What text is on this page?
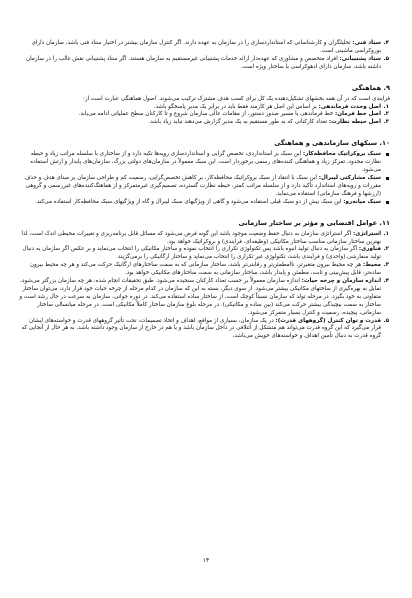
۴.

ستاد فنی: تحلیلگران و کارشناسانی که استانداردسازی را در سازمان به عهده دارند. اگر کنترل سازمان بیشتر در اختیار ستاد فنی باشد، سازمان دارای بوروکراسی ماشینی است.

۵.

ستاد پشتیبانی: افراد متخصص و مشاوری که عهده‌دار ارائه خدمات پشتیبانی غیرمستقیم به سازمان هستند. اگر ستاد پشتیبانی نقش غالب را در سازمان داشته باشد، سازمان دارای ادهوکراسی یا ساختار ویژه است.

۹. هماهنگی

فرایندی است که در آن همه بخشهای تشکیل‌دهنده یک کل برای کسب هدف مشترک ترکیب می‌شوند. اصول هماهنگی عبارت است از:

۱.

اصل وحدت فرماندهی: بر اساس این اصل هر کارمند فقط باید در برابر یک مدیر پاسخگو باشد.

۲.

اصل خط فرمان: خط فرماندهی یا مسیر صدور دستور، از مقامات عالی سازمان شروع و تا کارکنان سطح عملیاتی ادامه می‌یابد.

۳.

اصل حیطه نظارت: تعداد کارکنانی که به طور مستقیم به یک مدیر گزارش می‌دهند نباید زیاد باشد.

۱۰. سبکهای سازماندهی و هماهنگی

سبک بروکراتیک محافظه‌کار: این سبک بر استانداردی، تخصص گرایی و استانداردسازی رویه‌ها تکیه دارد و از ساختاری با سلسله مراتب زیاد و حیطه نظارت محدود، تمرکز زیاد و هماهنگی کننده‌های رسمی برخوردار است. این سبک معمولاً در سازمان‌های دولتی بزرگ، سازمان‌های پایدار و ارتش استفاده می‌شود.

سبک مشارکتی لیبرال: این سبک با انتقاد از سبک بروکراتیک محافظه‌کار، بر کاهش تخصص‌گرایی، رسمیت کم و طراحی سازمان بر مبنای هدف و حذف مقررات و رویه‌های استاندارد تأکید دارد و از سلسله مراتب کمتر، حیطه نظارت گسترده، تصمیم‌گیری غیرمتمرکز و از هماهنگ‌کننده‌های غیررسمی و گروهی (ارزشها و فرهنگ سازمانی) استفاده می‌نماید.

سبک میانه‌رو: این سبک بیش از دو سبک قبلی استفاده می‌شود و گاهی از ویژگیهای سبک لیبرال و گاه از ویژگیهای سبک محافظه‌کار استفاده می‌کند.

۱۱. عوامل اقتضایی و مؤثر بر ساختار سازمانی

۱.

استراتژی: اگر استراتژی سازمان به دنبال حفظ وضعیت موجود باشد این گونه فرض می‌شود که مسائل قابل برنامه‌ریزی و تغییرات محیطی اندک است، لذا بهترین ساختار سازمانی مناسب ساختار مکانیکی (وظیفه‌ای، فرایندی) و بروکراتیک خواهد بود.

۲.

فناوری: اگر سازمان به دنبال تولید انبوه باشد پس تکنولوژی تکراری را انتخاب نموده و ساختار مکانیکی را انتخاب می‌نماید و بر عکس اگر سازمان به دنبال تولید سفارشی (واحدی) و فرایندی باشد، تکنولوژی غیر تکراری را انتخاب می‌نماید و ساختار ارگانیکی را برمی‌گزیند.

۳.

محیط: هر چه محیط بیرون متغیرتر، ناامطمئن‌تر و رقابتی‌تر باشد، ساختار سازمانی که به سمت ساختارهای ارگانیک حرکت می‌کند و هر چه محیط بیرون ساده‌تر، قابل پیش‌بینی و ثابت، مطمئن و پایدار باشد، ساختار سازمانی به سمت ساختارهای مکانیکی خواهد بود.

۴.

اندازه سازمان و چرخه حیات: اندازه سازمان معمولاً بر حسب تعداد کارکنان سنجیده می‌شود. طبق تحقیقات انجام شده، هر چه سازمان بزرگتر می‌شود، تمایل به بهره‌گیری از ساختهای مکانیکی بیشتر می‌شود. از سوی دیگر، بسته به این که سازمان در کدام مرحله از چرخه حیات خود قرار دارد، می‌توان ساختار متفاوتی به خود بگیرد. در مرحله تولد که سازمان نسبتاً کوچک است، از ساختار ساده استفاده می‌کند. در دوره جوانی، سازمان به سرعت در حال رشد است و ساختار به سمت بیچیدگی بیشتر حرکت می‌کند (بین ساده و مکانیکی). در مرحله بلوغ سازمان ساختار کاملاً مکانیکی است. در مرحله میانسالی ساختار سازمانی، پیچیده، رسمیت و کنترل بسیار متمرکز می‌شود.

۵.

قدرت و توان کنترل (گروههای قدرت): در یک سازمان، بسیاری از مواقع، اهداف و اتخاذ تصمیمات، تحت تأثیر گروههای قدرت و خواسته‌های ایشان قرار می‌گیرد که این گروه قدرت می‌تواند هم متشکل از ائتلافی در داخل سازمان باشد و یا هم در خارج از سازمان وجود داشته باشد. به هر حال از آنجایی که گروه قدرت به دنبال تأمین اهداف و خواسته‌های خویش می‌باشد،

۱۴
